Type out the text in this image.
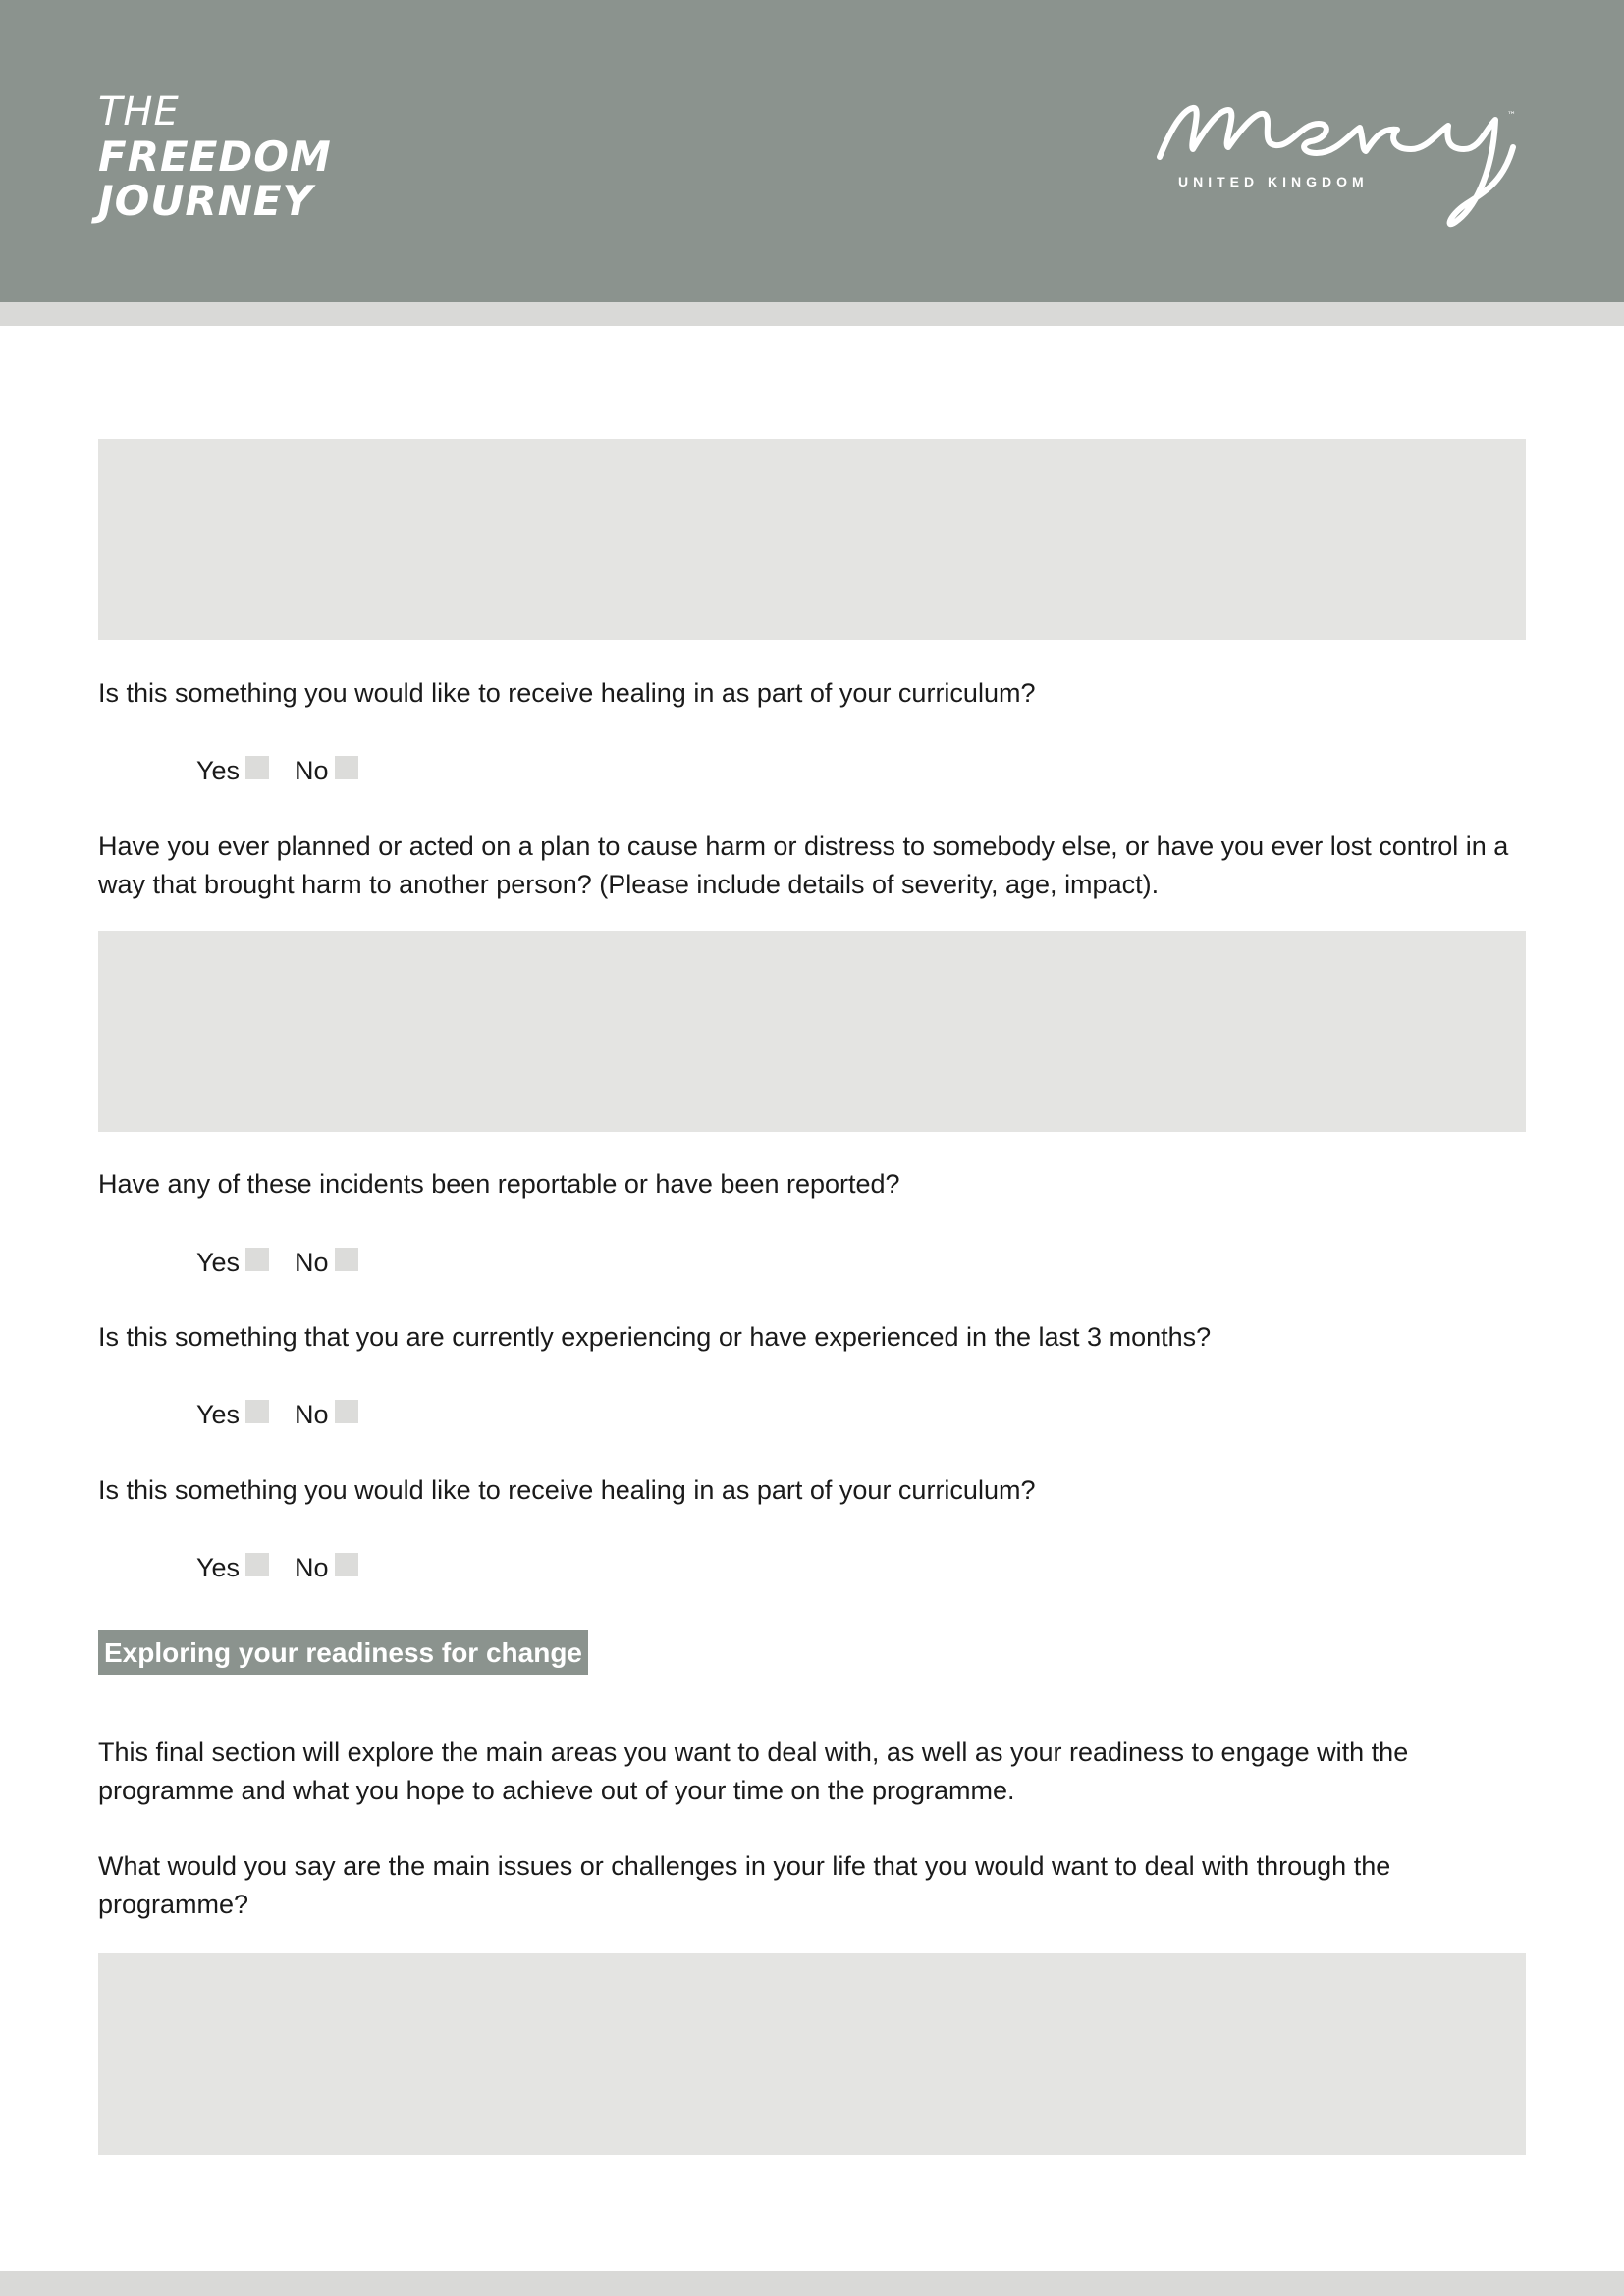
THE
FREEDOM
JOURNEY
™
UNITED KINGDOM
Is this something you would like to receive healing in as part of your curriculum?
Yes No
Have you ever planned or acted on a plan to cause harm or distress to somebody else, or have you ever lost control in a way that brought harm to another person? (Please include details of severity, age, impact).
Have any of these incidents been reportable or have been reported?
Yes No
Is this something that you are currently experiencing or have experienced in the last 3 months?
Yes No
Is this something you would like to receive healing in as part of your curriculum?
Yes No
Exploring your readiness for change
This final section will explore the main areas you want to deal with, as well as your readiness to engage with the programme and what you hope to achieve out of your time on the programme.
What would you say are the main issues or challenges in your life that you would want to deal with through the programme?
